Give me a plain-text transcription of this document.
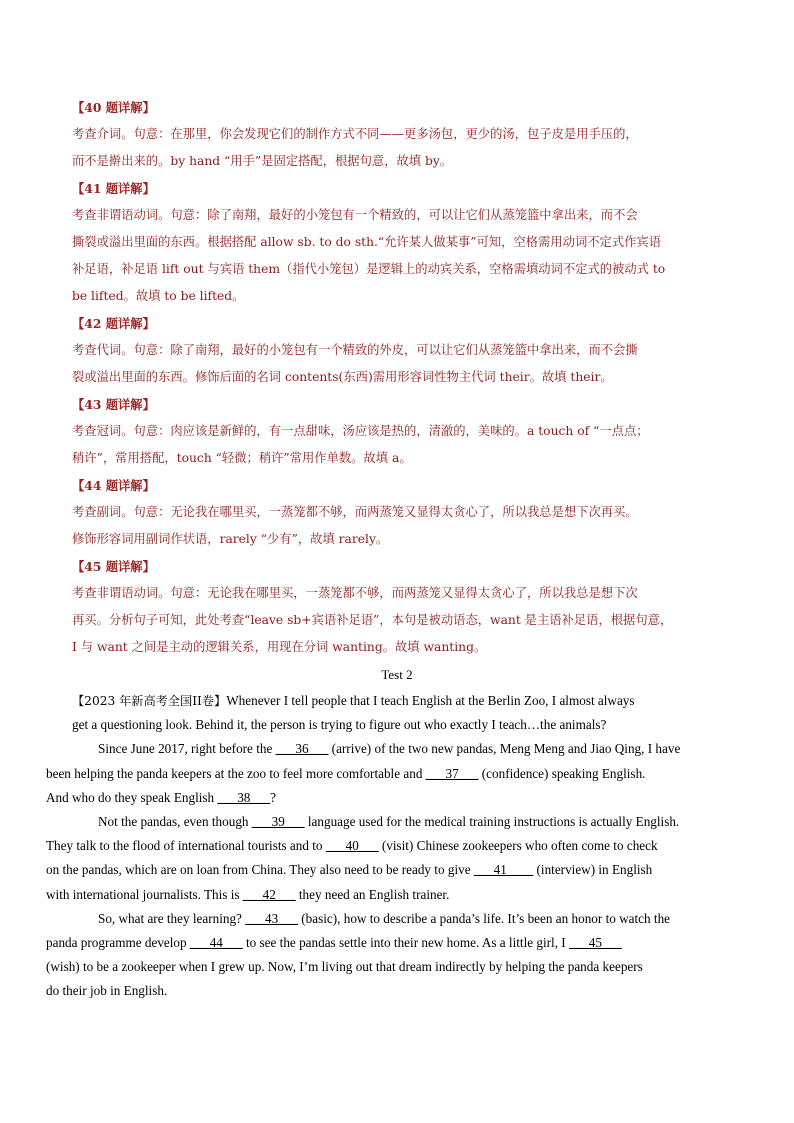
【40 题详解】

考查介词。句意：在那里，你会发现它们的制作方式不同——更多汤包，更少的汤，包子皮是用手压的，

而不是擀出来的。by hand “用手”是固定搭配，根据句意，故填 by。

【41 题详解】

考查非谓语动词。句意：除了南翔，最好的小笼包有一个精致的，可以让它们从蒸笼篮中拿出来，而不会

撕裂或溢出里面的东西。根据搭配 allow sb. to do sth.“允许某人做某事”可知，空格需用动词不定式作宾语

补足语，补足语 lift out 与宾语 them（指代小笼包）是逻辑上的动宾关系，空格需填动词不定式的被动式 to

be lifted。故填 to be lifted。

【42 题详解】

考查代词。句意：除了南翔，最好的小笼包有一个精致的外皮，可以让它们从蒸笼篮中拿出来，而不会撕

裂或溢出里面的东西。修饰后面的名词 contents(东西)需用形容词性物主代词 their。故填 their。

【43 题详解】

考查冠词。句意：肉应该是新鲜的，有一点甜味，汤应该是热的，清澈的，美味的。a touch of “一点点；

稍许”，常用搭配，touch “轻微；稍许”常用作单数。故填 a。

【44 题详解】

考查副词。句意：无论我在哪里买，一蒸笼都不够，而两蒸笼又显得太贪心了，所以我总是想下次再买。

修饰形容词用副词作状语，rarely “少有”，故填 rarely。

【45 题详解】

考查非谓语动词。句意：无论我在哪里买，一蒸笼都不够，而两蒸笼又显得太贪心了，所以我总是想下次

再买。分析句子可知，此处考查“leave sb+宾语补足语”，本句是被动语态，want 是主语补足语，根据句意，

I 与 want 之间是主动的逻辑关系，用现在分词 wanting。故填 wanting。

Test 2

【2023 年新高考全国II卷】Whenever I tell people that I teach English at the Berlin Zoo, I almost always
get a questioning look. Behind it, the person is trying to figure out who exactly I teach…the animals?

Since June 2017, right before the ___36___ (arrive) of the two new pandas, Meng Meng and Jiao Qing, I have
been helping the panda keepers at the zoo to feel more comfortable and ___37___ (confidence) speaking English.
And who do they speak English ___38___?

Not the pandas, even though ___39___ language used for the medical training instructions is actually English.
They talk to the flood of international tourists and to ___40___ (visit) Chinese zookeepers who often come to check
on the pandas, which are on loan from China. They also need to be ready to give ___41____ (interview) in English
with international journalists. This is ___42___ they need an English trainer.

So, what are they learning? ___43___ (basic), how to describe a panda’s life. It’s been an honor to watch the
panda programme develop ___44___ to see the pandas settle into their new home. As a little girl, I ___45___
(wish) to be a zookeeper when I grew up. Now, I’m living out that dream indirectly by helping the panda keepers
do their job in English.
